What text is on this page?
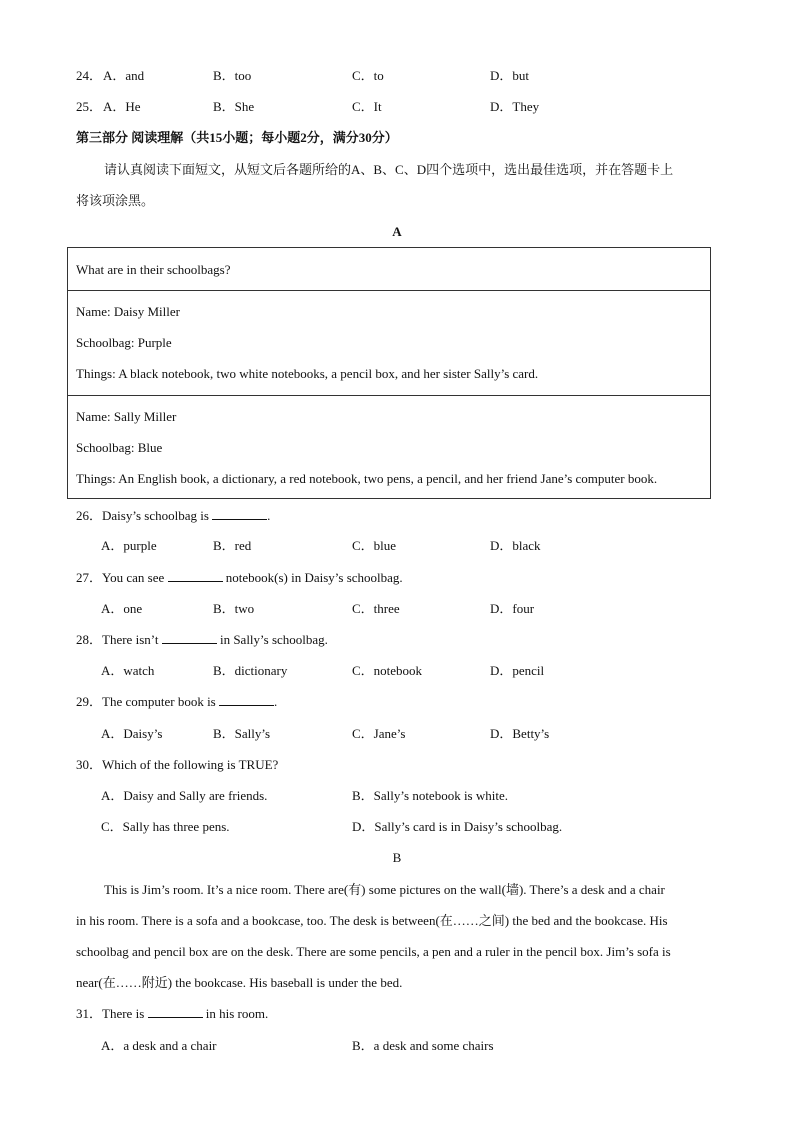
24． A．and	B．too	C．to	D．but
25． A．He	B．She	C．It	D．They
第三部分 阅读理解（共15小题；每小题2分，满分30分）
请认真阅读下面短文，从短文后各题所给的A、B、C、D四个选项中，选出最佳选项，并在答题卡上
将该项涂黑。
A
What are in their schoolbags?
Name: Daisy Miller
Schoolbag: Purple
Things: A black notebook, two white notebooks, a pencil box, and her sister Sally’s card.
Name: Sally Miller
Schoolbag: Blue
Things: An English book, a dictionary, a red notebook, two pens, a pencil, and her friend Jane’s computer book.
26．Daisy’s schoolbag is	.
A．purple	B．red	C．blue	D．black
27．You can see	notebook(s) in Daisy’s schoolbag.
A．one	B．two	C．three	D．four
28．There isn’t	in Sally’s schoolbag.
A．watch	B．dictionary	C．notebook	D．pencil
29．The computer book is	.
A．Daisy’s	B．Sally’s	C．Jane’s	D．Betty’s
30．Which of the following is TRUE?
A．Daisy and Sally are friends.	B．Sally’s notebook is white.
C．Sally has three pens.	D．Sally’s card is in Daisy’s schoolbag.
B
This is Jim’s room. It’s a nice room. There are(有) some pictures on the wall(墙). There’s a desk and a chair
in his room. There is a sofa and a bookcase, too. The desk is between(在……之间) the bed and the bookcase. His
schoolbag and pencil box are on the desk. There are some pencils, a pen and a ruler in the pencil box. Jim’s sofa is
near(在……附近) the bookcase. His baseball is under the bed.
31．There is	in his room.
A．a desk and a chair	B．a desk and some chairs
